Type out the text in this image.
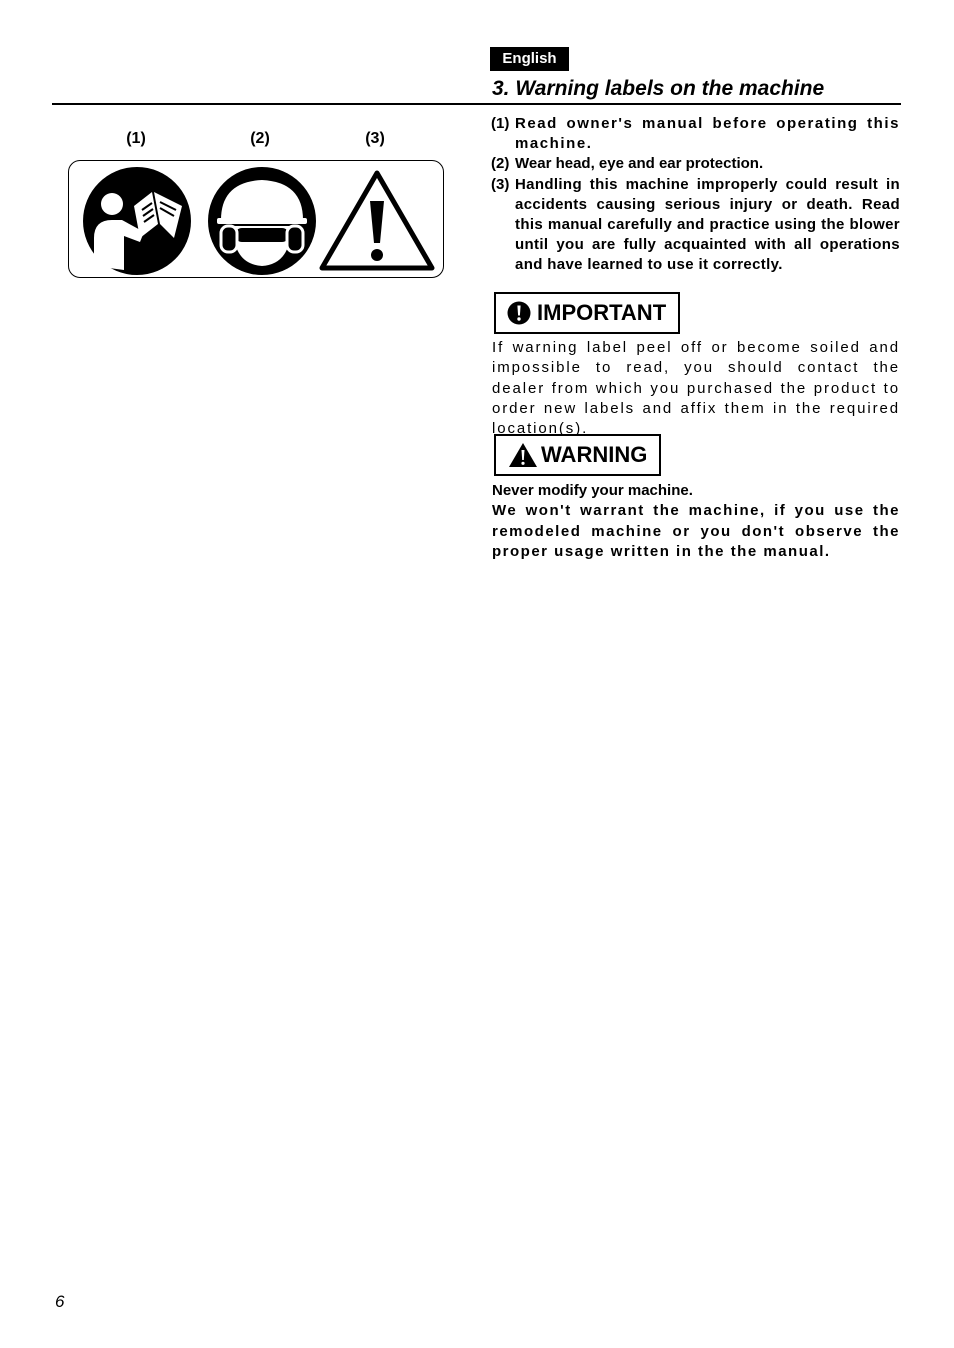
English
3. Warning labels on the machine
(1)	(2)	(3)
(1) Read owner's manual before operating this machine.
(2) Wear head, eye and ear protection.
(3) Handling this machine improperly could result in accidents causing serious injury or death. Read this manual carefully and practice using the blower until you are fully acquainted with all operations and have learned to use it correctly.
IMPORTANT

If warning label peel off or become soiled and impossible to read, you should contact the dealer from which you purchased the product to order new labels and affix them in the required location(s).

WARNING
Never modify your machine.
We won't warrant the machine, if you use the remodeled machine or you don't observe the proper usage written in the the manual.
6
